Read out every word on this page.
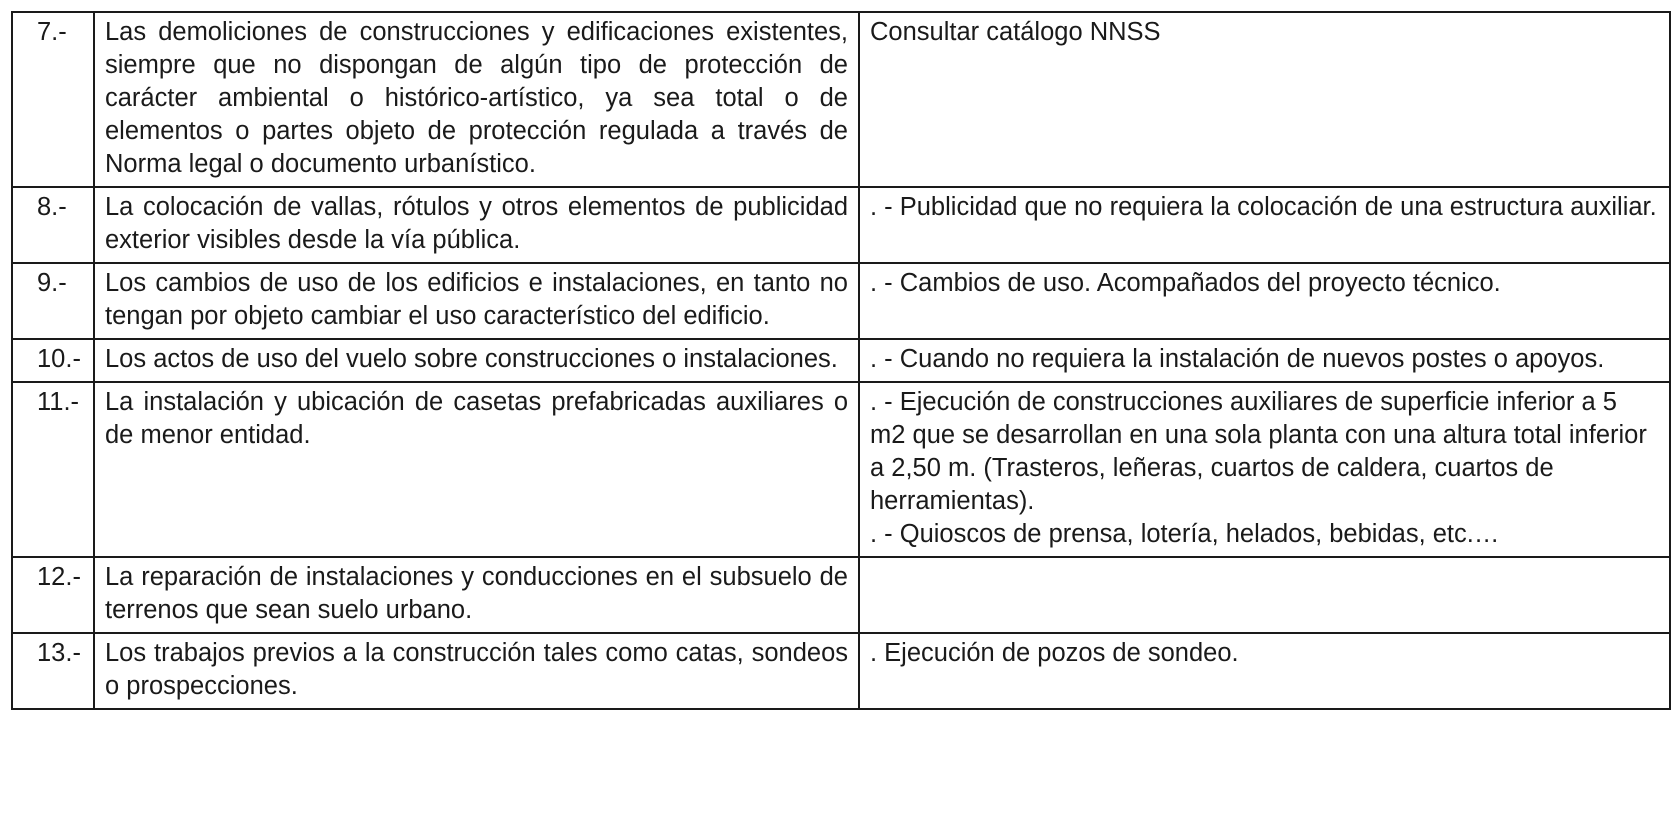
7.-	Las demoliciones de construcciones y edificaciones existentes, siempre que no dispongan de algún tipo de protección de carácter ambiental o histórico-artístico, ya sea total o de elementos o partes objeto de protección regulada a través de Norma legal o documento urbanístico.	Consultar catálogo NNSS

8.-	La colocación de vallas, rótulos y otros elementos de publicidad exterior visibles desde la vía pública.	. - Publicidad que no requiera la colocación de una estructura auxiliar.

9.-	Los cambios de uso de los edificios e instalaciones, en tanto no tengan por objeto cambiar el uso característico del edificio.	. - Cambios de uso. Acompañados del proyecto técnico.

10.-	Los actos de uso del vuelo sobre construcciones o instalaciones.	. - Cuando no requiera la instalación de nuevos postes o apoyos.

11.-	La instalación y ubicación de casetas prefabricadas auxiliares o de menor entidad.	. - Ejecución de construcciones auxiliares de superficie inferior a 5 m2 que se desarrollan en una sola planta con una altura total inferior a 2,50 m. (Trasteros, leñeras, cuartos de caldera, cuartos de herramientas).
. - Quioscos de prensa, lotería, helados, bebidas, etc.…

12.-	La reparación de instalaciones y conducciones en el subsuelo de terrenos que sean suelo urbano.	

13.-	Los trabajos previos a la construcción tales como catas, sondeos o prospecciones.	. Ejecución de pozos de sondeo.
